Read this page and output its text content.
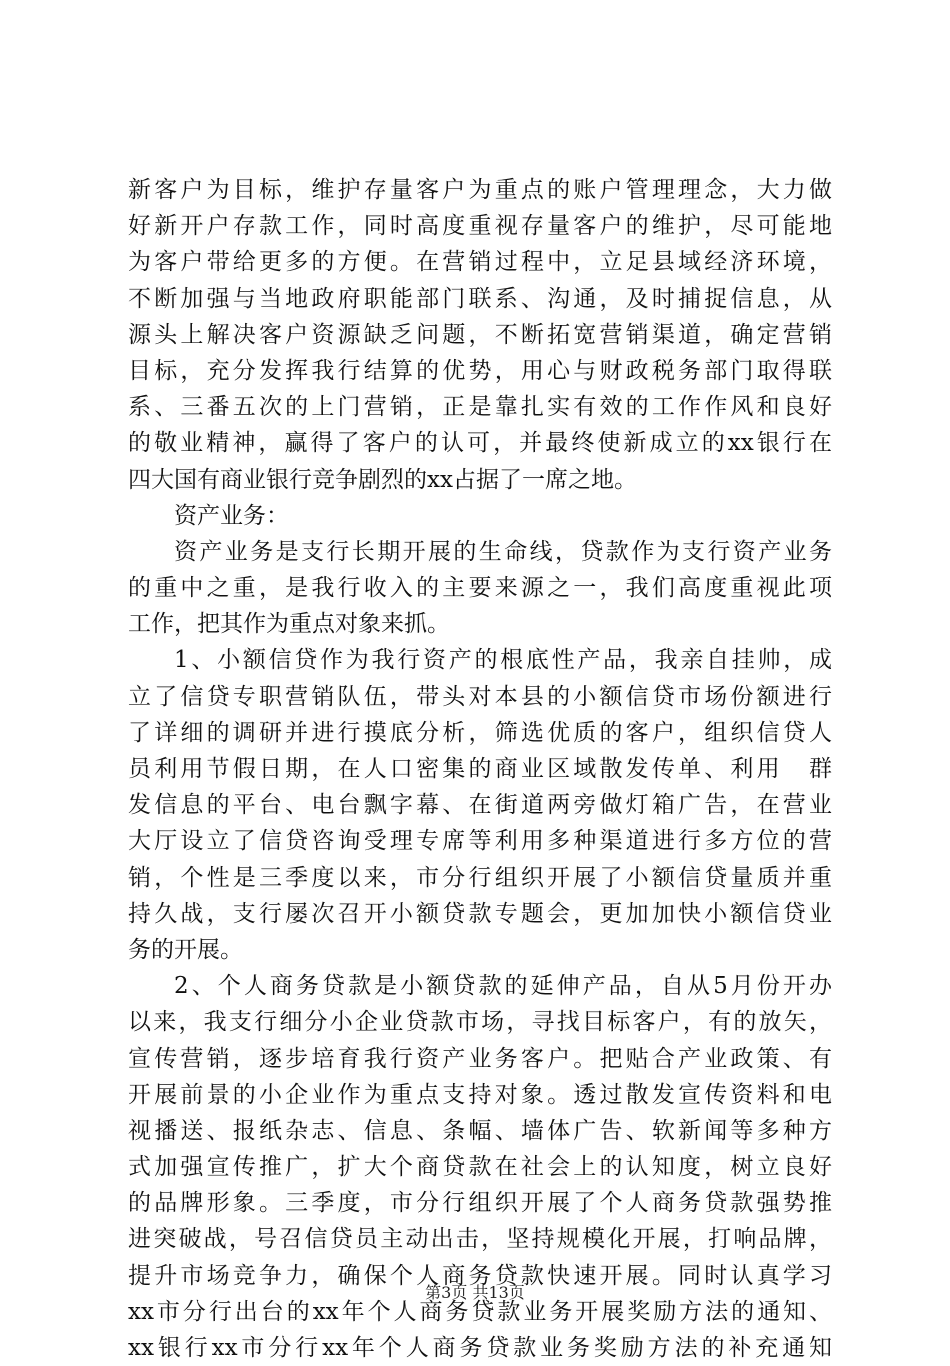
新客户为目标，维护存量客户为重点的账户管理理念，大力做
好新开户存款工作，同时高度重视存量客户的维护，尽可能地
为客户带给更多的方便。在营销过程中，立足县域经济环境，
不断加强与当地政府职能部门联系、沟通，及时捕捉信息，从
源头上解决客户资源缺乏问题，不断拓宽营销渠道，确定营销
目标，充分发挥我行结算的优势，用心与财政税务部门取得联
系、三番五次的上门营销，正是靠扎实有效的工作作风和良好
的敬业精神，赢得了客户的认可，并最终使新成立的xx银行在
四大国有商业银行竞争剧烈的xx占据了一席之地。
资产业务：
资产业务是支行长期开展的生命线，贷款作为支行资产业务
的重中之重，是我行收入的主要来源之一，我们高度重视此项
工作，把其作为重点对象来抓。
1、小额信贷作为我行资产的根底性产品，我亲自挂帅，成
立了信贷专职营销队伍，带头对本县的小额信贷市场份额进行
了详细的调研并进行摸底分析，筛选优质的客户，组织信贷人
员利用节假日期，在人口密集的商业区域散发传单、利用　群
发信息的平台、电台飘字幕、在街道两旁做灯箱广告，在营业
大厅设立了信贷咨询受理专席等利用多种渠道进行多方位的营
销，个性是三季度以来，市分行组织开展了小额信贷量质并重
持久战，支行屡次召开小额贷款专题会，更加加快小额信贷业
务的开展。
2、个人商务贷款是小额贷款的延伸产品，自从5月份开办
以来，我支行细分小企业贷款市场，寻找目标客户，有的放矢，
宣传营销，逐步培育我行资产业务客户。把贴合产业政策、有
开展前景的小企业作为重点支持对象。透过散发宣传资料和电
视播送、报纸杂志、信息、条幅、墙体广告、软新闻等多种方
式加强宣传推广，扩大个商贷款在社会上的认知度，树立良好
的品牌形象。三季度，市分行组织开展了个人商务贷款强势推
进突破战，号召信贷员主动出击，坚持规模化开展，打响品牌，
提升市场竞争力，确保个人商务贷款快速开展。同时认真学习
xx市分行出台的xx年个人商务贷款业务开展奖励方法的通知、
xx银行xx市分行xx年个人商务贷款业务奖励方法的补充通知
第3页 共13页
